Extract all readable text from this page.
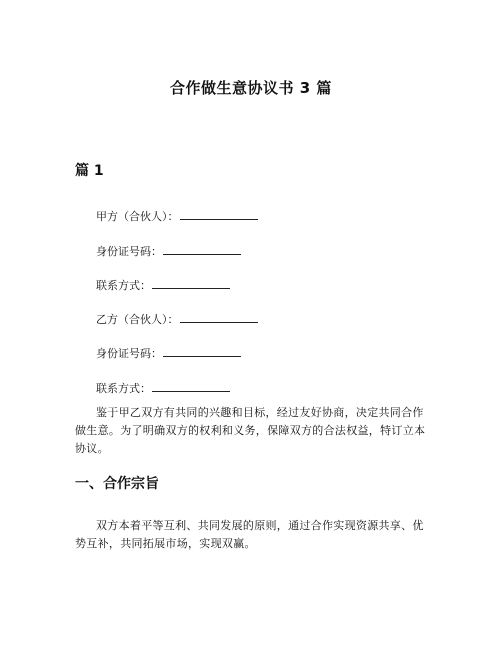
合作做生意协议书 3 篇
篇 1
甲方（合伙人）：
身份证号码：
联系方式：
乙方（合伙人）：
身份证号码：
联系方式：

鉴于甲乙双方有共同的兴趣和目标，经过友好协商，决定共同合作做生意。为了明确双方的权利和义务，保障双方的合法权益，特订立本协议。

一、合作宗旨

双方本着平等互利、共同发展的原则，通过合作实现资源共享、优势互补，共同拓展市场，实现双赢。
